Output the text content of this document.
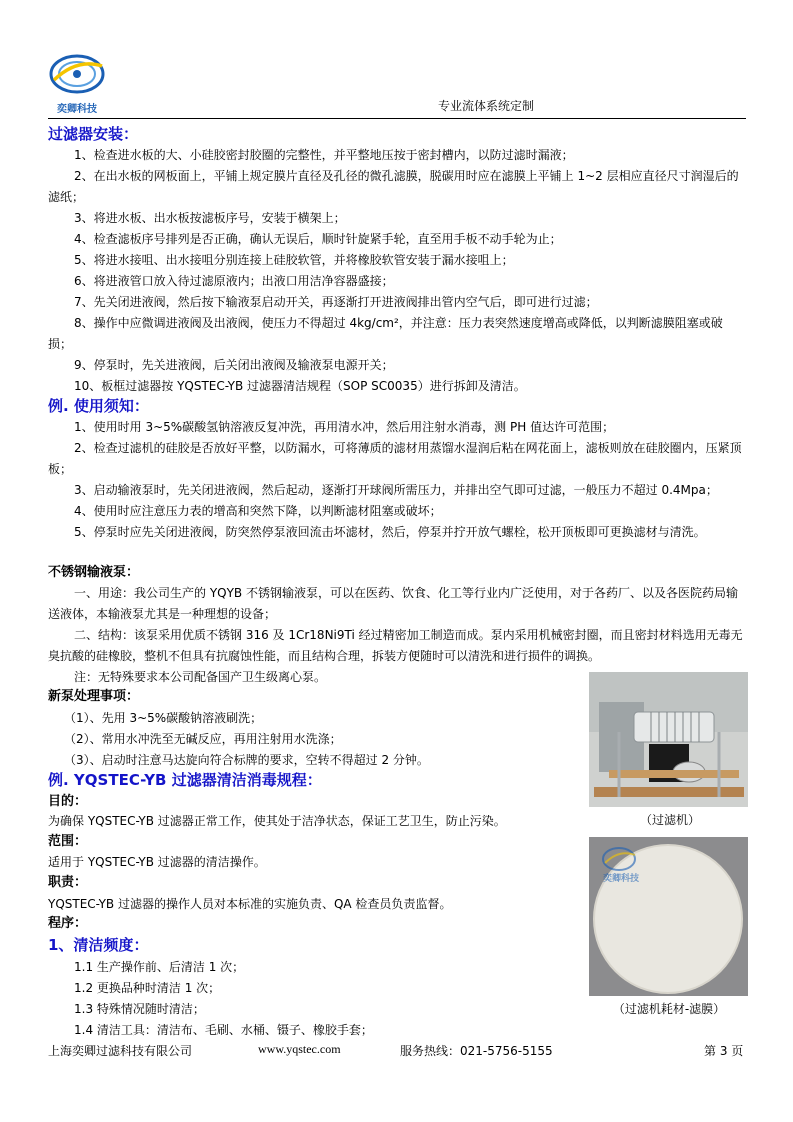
奕卿科技	专业流体系统定制
过滤器安装：
1、检查进水板的大、小硅胶密封胶圈的完整性，并平整地压按于密封槽内，以防过滤时漏液；
2、在出水板的网板面上，平铺上规定膜片直径及孔径的微孔滤膜，脱碳用时应在滤膜上平铺上 1~2 层相应直径尺寸润湿后的滤纸；
3、将进水板、出水板按滤板序号，安装于横架上；
4、检查滤板序号排列是否正确，确认无误后，顺时针旋紧手轮，直至用手板不动手轮为止；
5、将进水接咀、出水接咀分别连接上硅胶软管，并将橡胶软管安装于漏水接咀上；
6、将进液管口放入待过滤原液内；出液口用洁净容器盛接；
7、先关闭进液阀，然后按下输液泵启动开关，再逐渐打开进液阀排出管内空气后，即可进行过滤；
8、操作中应微调进液阀及出液阀，使压力不得超过 4kg/cm²，并注意：压力表突然速度增高或降低，以判断滤膜阻塞或破损；
9、停泵时，先关进液阀，后关闭出液阀及输液泵电源开关；
10、板框过滤器按 YQSTEC-YB 过滤器清洁规程（SOP SC0035）进行拆卸及清洁。
例. 使用须知：
1、使用时用 3~5%碳酸氢钠溶液反复冲洗，再用清水冲，然后用注射水消毒，测 PH 值达许可范围；
2、检查过滤机的硅胶是否放好平整，以防漏水，可将薄质的滤材用蒸馏水湿润后粘在网花面上，滤板则放在硅胶圈内，压紧顶板；
3、启动输液泵时，先关闭进液阀，然后起动，逐渐打开球阀所需压力，并排出空气即可过滤，一般压力不超过 0.4Mpa；
4、使用时应注意压力表的增高和突然下降，以判断滤材阻塞或破坏；
5、停泵时应先关闭进液阀，防突然停泵液回流击坏滤材，然后，停泵并拧开放气螺栓，松开顶板即可更换滤材与清洗。
不锈钢输液泵：
一、用途：我公司生产的 YQYB 不锈钢输液泵，可以在医药、饮食、化工等行业内广泛使用，对于各药厂、以及各医院药局输送液体，本输液泵尤其是一种理想的设备；
二、结构：该泵采用优质不锈钢 316 及 1Cr18Ni9Ti 经过精密加工制造而成。泵内采用机械密封圈，而且密封材料选用无毒无臭抗酸的硅橡胶，整机不但具有抗腐蚀性能，而且结构合理，拆装方便随时可以清洗和进行损件的调换。
注：无特殊要求本公司配备国产卫生级离心泵。
新泵处理事项：
（1）、先用 3~5%碳酸钠溶液刷洗；
（2）、常用水冲洗至无碱反应，再用注射用水洗涤；
（3）、启动时注意马达旋向符合标牌的要求，空转不得超过 2 分钟。
例. YQSTEC-YB 过滤器清洁消毒规程：
目的：
为确保 YQSTEC-YB 过滤器正常工作，使其处于洁净状态，保证工艺卫生，防止污染。
范围：
适用于 YQSTEC-YB 过滤器的清洁操作。
职责：
YQSTEC-YB 过滤器的操作人员对本标准的实施负责、QA 检查员负责监督。
程序：
1、清洁频度：
1.1 生产操作前、后清洁 1 次；
1.2 更换品种时清洁 1 次；
1.3 特殊情况随时清洁；
1.4 清洁工具：清洁布、毛刷、水桶、镊子、橡胶手套；
（过滤机）
奕卿科技
（过滤机耗材-滤膜）
上海奕卿过滤科技有限公司	www.yqstec.com	服务热线：021-5756-5155	第 3 页
